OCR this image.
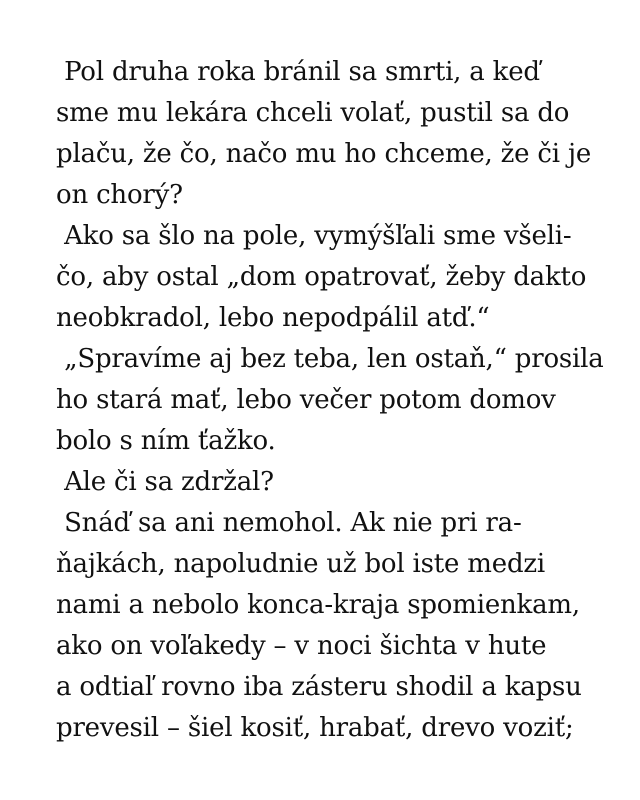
Pol druha roka bránil sa smrti, a keď
sme mu lekára chceli volať, pustil sa do
plaču, že čo, načo mu ho chceme, že či je
on chorý?
Ako sa šlo na pole, vymýšľali sme všeli-
čo, aby ostal „dom opatrovať, žeby dakto
neobkradol, lebo nepodpálil atď.“
„Spravíme aj bez teba, len ostaň,“ prosila
ho stará mať, lebo večer potom domov
bolo s ním ťažko.
Ale či sa zdržal?
Snáď sa ani nemohol. Ak nie pri ra-
ňajkách, napoludnie už bol iste medzi
nami a nebolo konca-kraja spomienkam,
ako on voľakedy – v noci šichta v hute
a odtiaľ rovno iba zásteru shodil a kapsu
prevesil – šiel kosiť, hrabať, drevo voziť;
